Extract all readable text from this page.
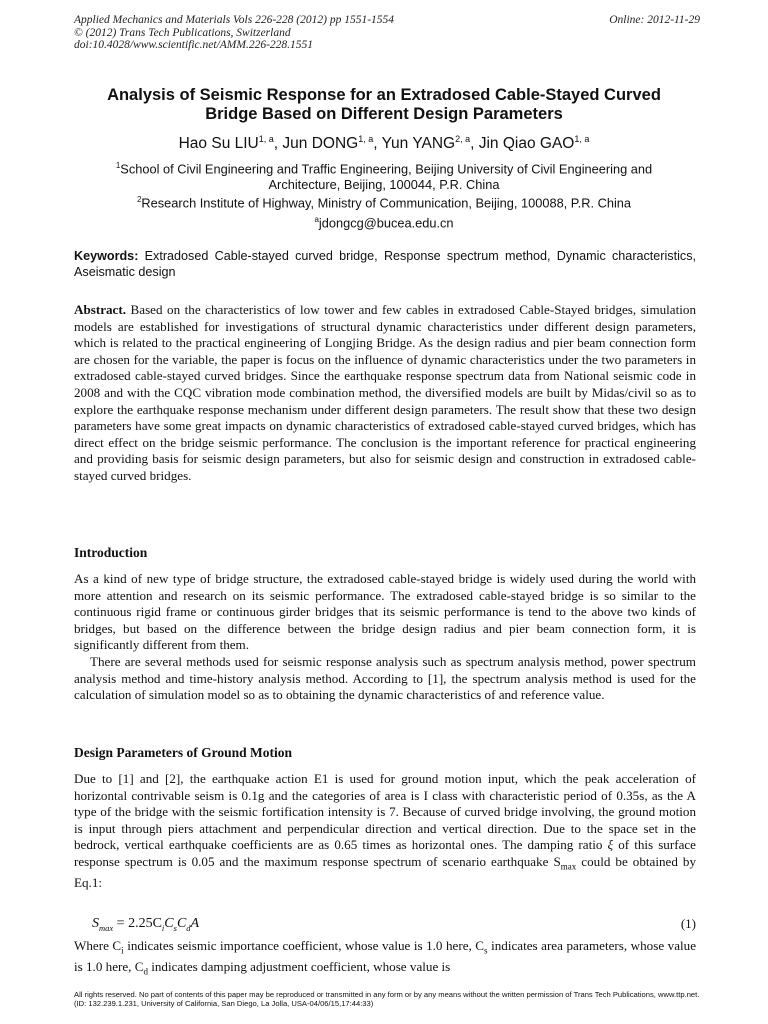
Applied Mechanics and Materials Vols 226-228 (2012) pp 1551-1554	Online: 2012-11-29
© (2012) Trans Tech Publications, Switzerland
doi:10.4028/www.scientific.net/AMM.226-228.1551
Analysis of Seismic Response for an Extradosed Cable-Stayed Curved
Bridge Based on Different Design Parameters
Hao Su LIU$^{1, a}$, Jun DONG$^{1, a}$, Yun YANG$^{2, a}$, Jin Qiao GAO$^{1, a}$
$^1$School of Civil Engineering and Traffic Engineering, Beijing University of Civil Engineering and
Architecture, Beijing, 100044, P.R. China
$^2$Research Institute of Highway, Ministry of Communication, Beijing, 100088, P.R. China
$^a$jdongcg@bucea.edu.cn
Keywords: Extradosed Cable-stayed curved bridge, Response spectrum method, Dynamic characteristics, Aseismatic design
Abstract. Based on the characteristics of low tower and few cables in extradosed Cable-Stayed bridges, simulation models are established for investigations of structural dynamic characteristics under different design parameters, which is related to the practical engineering of Longjing Bridge. As the design radius and pier beam connection form are chosen for the variable, the paper is focus on the influence of dynamic characteristics under the two parameters in extradosed cable-stayed curved bridges. Since the earthquake response spectrum data from National seismic code in 2008 and with the CQC vibration mode combination method, the diversified models are built by Midas/civil so as to explore the earthquake response mechanism under different design parameters. The result show that these two design parameters have some great impacts on dynamic characteristics of extradosed cable-stayed curved bridges, which has direct effect on the bridge seismic performance. The conclusion is the important reference for practical engineering and providing basis for seismic design parameters, but also for seismic design and construction in extradosed cable-stayed curved bridges.
Introduction
As a kind of new type of bridge structure, the extradosed cable-stayed bridge is widely used during the world with more attention and research on its seismic performance. The extradosed cable-stayed bridge is so similar to the continuous rigid frame or continuous girder bridges that its seismic performance is tend to the above two kinds of bridges, but based on the difference between the bridge design radius and pier beam connection form, it is significantly different from them.
There are several methods used for seismic response analysis such as spectrum analysis method, power spectrum analysis method and time-history analysis method. According to [1], the spectrum analysis method is used for the calculation of simulation model so as to obtaining the dynamic characteristics of and reference value.
Design Parameters of Ground Motion
Due to [1] and [2], the earthquake action E1 is used for ground motion input, which the peak acceleration of horizontal contrivable seism is 0.1g and the categories of area is I class with characteristic period of 0.35s, as the A type of the bridge with the seismic fortification intensity is 7. Because of curved bridge involving, the ground motion is input through piers attachment and perpendicular direction and vertical direction. Due to the space set in the bedrock, vertical earthquake coefficients are as 0.65 times as horizontal ones. The damping ratio ξ of this surface response spectrum is 0.05 and the maximum response spectrum of scenario earthquake $S_{max}$ could be obtained by Eq.1:
$S_{max} = 2.25C_iC_sC_dA$	(1)
Where $C_i$ indicates seismic importance coefficient, whose value is 1.0 here, $C_s$ indicates area parameters, whose value is 1.0 here, $C_d$ indicates damping adjustment coefficient, whose value is
All rights reserved. No part of contents of this paper may be reproduced or transmitted in any form or by any means without the written permission of Trans Tech Publications, www.ttp.net. (ID: 132.239.1.231, University of California, San Diego, La Jolla, USA-04/06/15,17:44:33)
